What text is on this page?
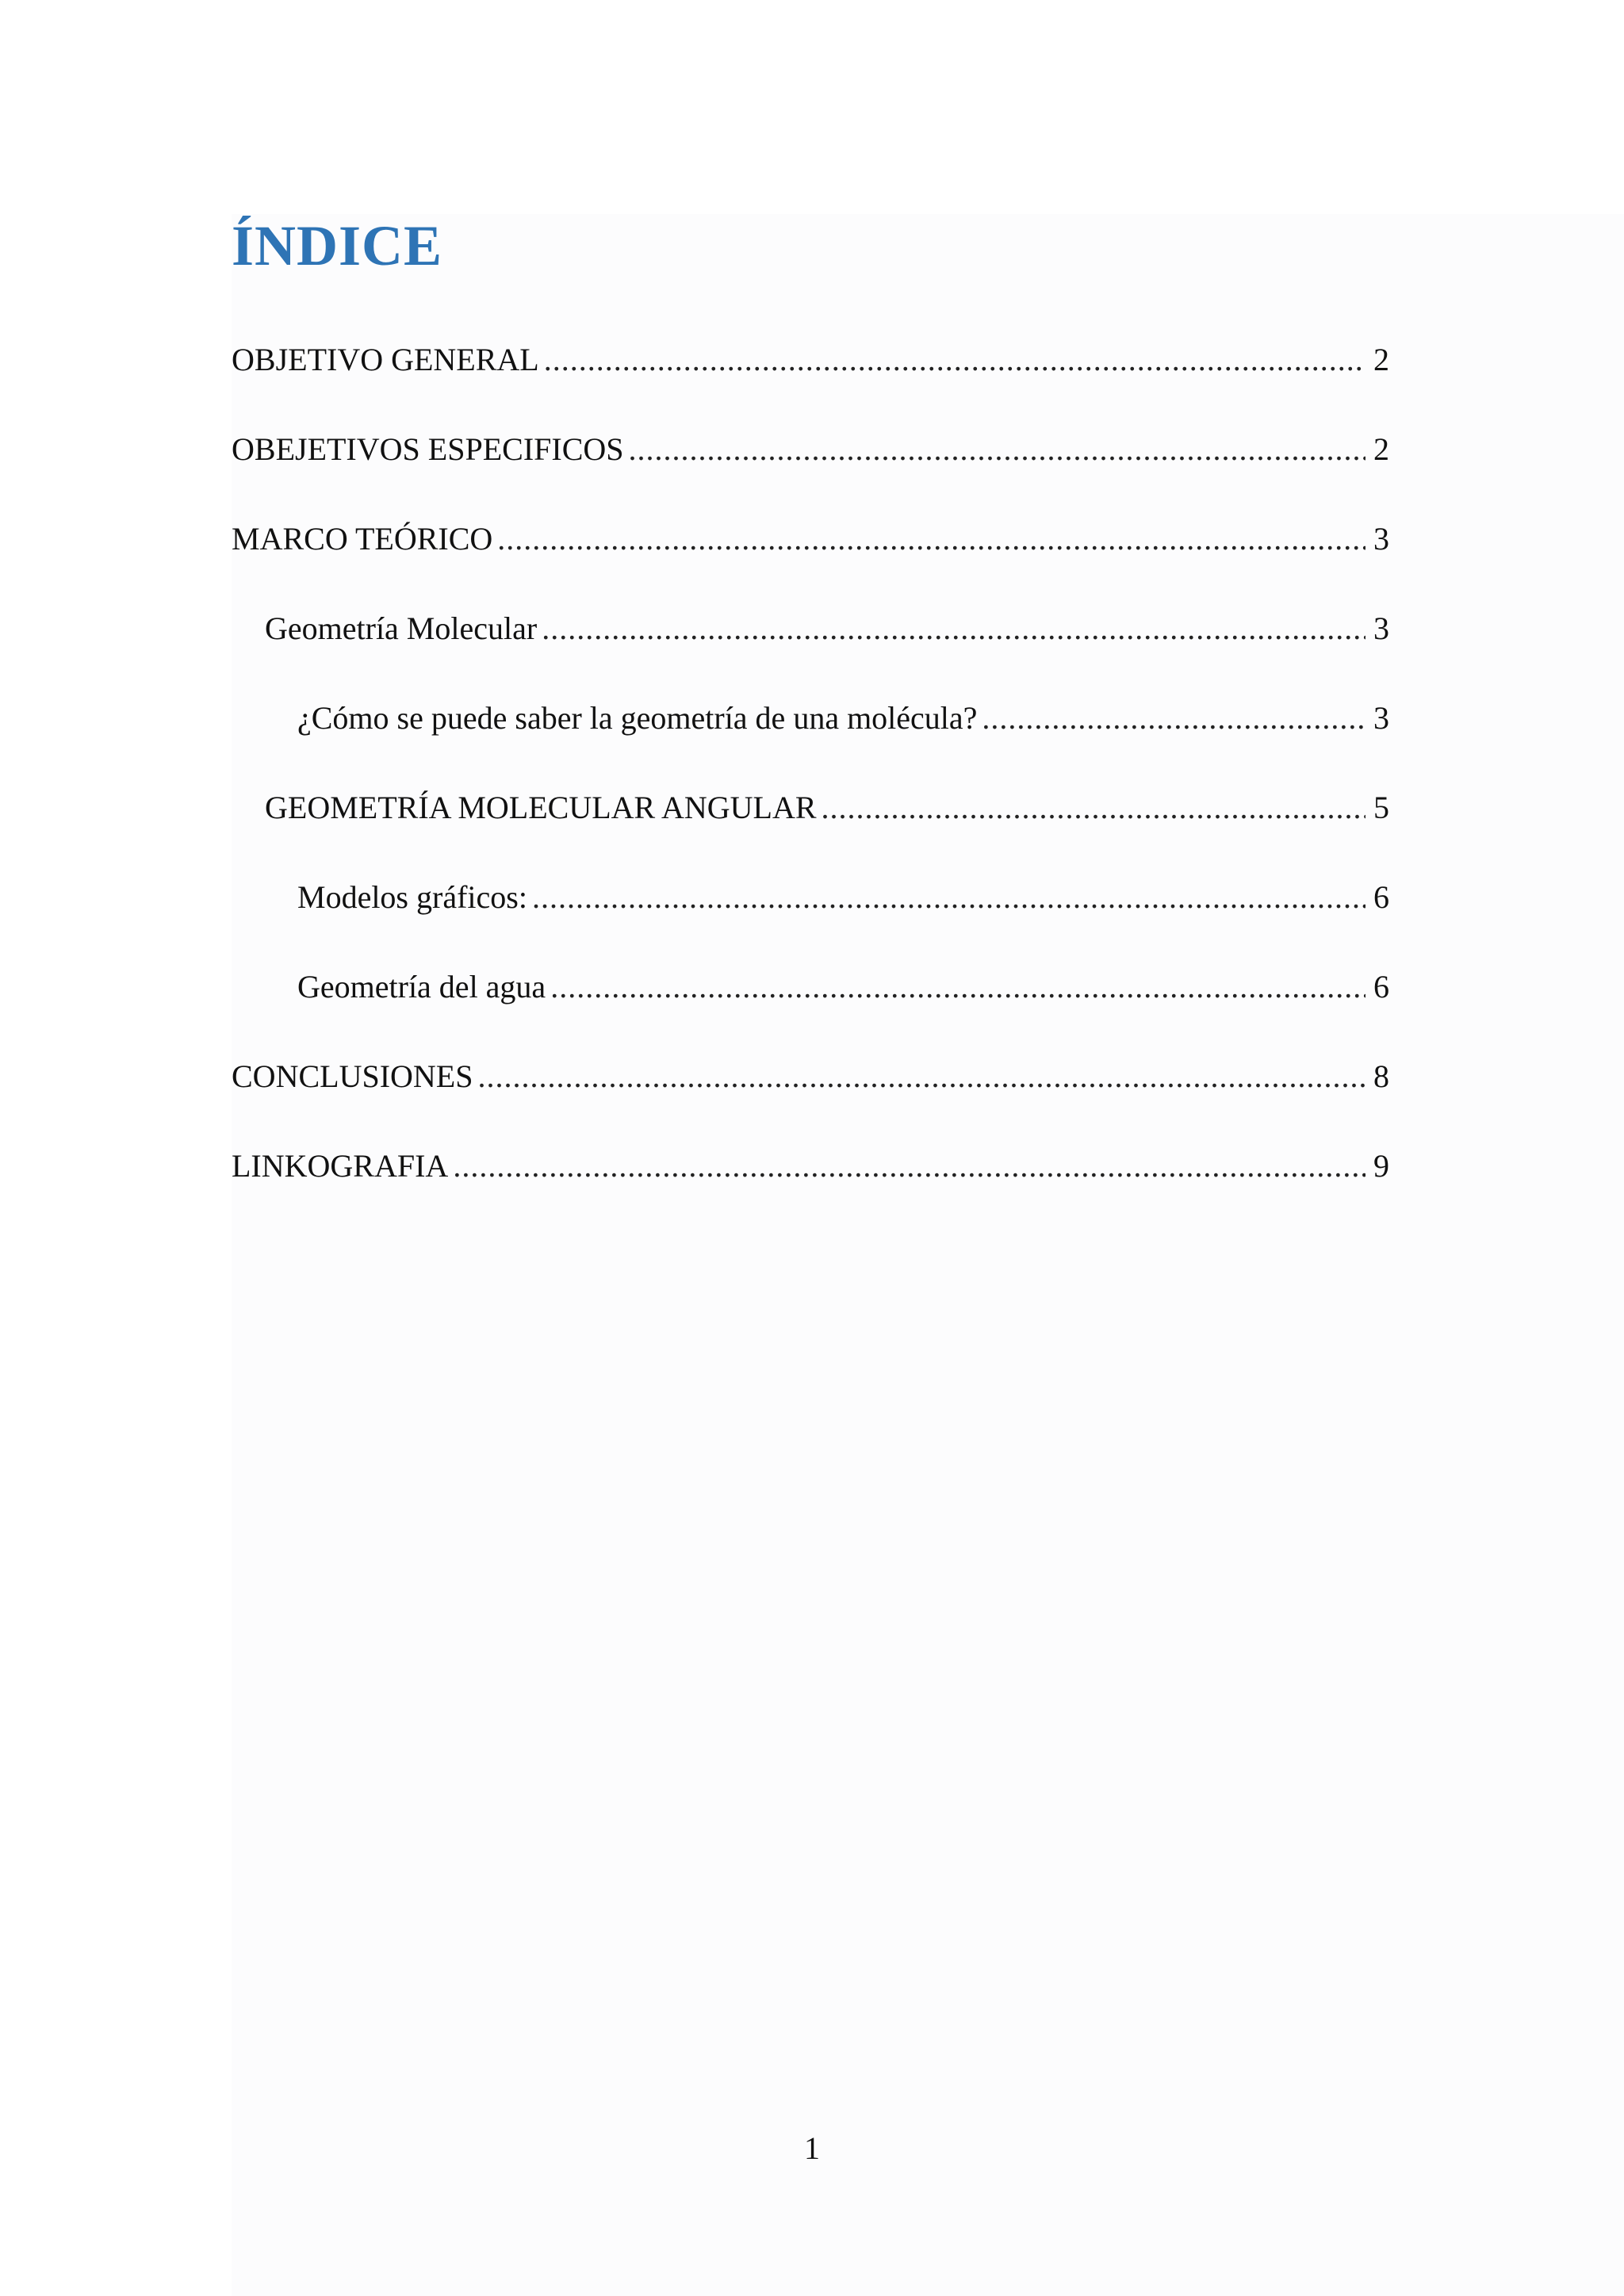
ÍNDICE
OBJETIVO GENERAL .....	2
OBEJETIVOS ESPECIFICOS .....	2
MARCO TEÓRICO .....	3
Geometría Molecular .....	3
¿Cómo se puede saber la geometría de una molécula? .....	3
GEOMETRÍA MOLECULAR ANGULAR .....	5
Modelos gráficos: .....	6
Geometría del agua .....	6
CONCLUSIONES .....	8
LINKOGRAFIA .....	9
1
